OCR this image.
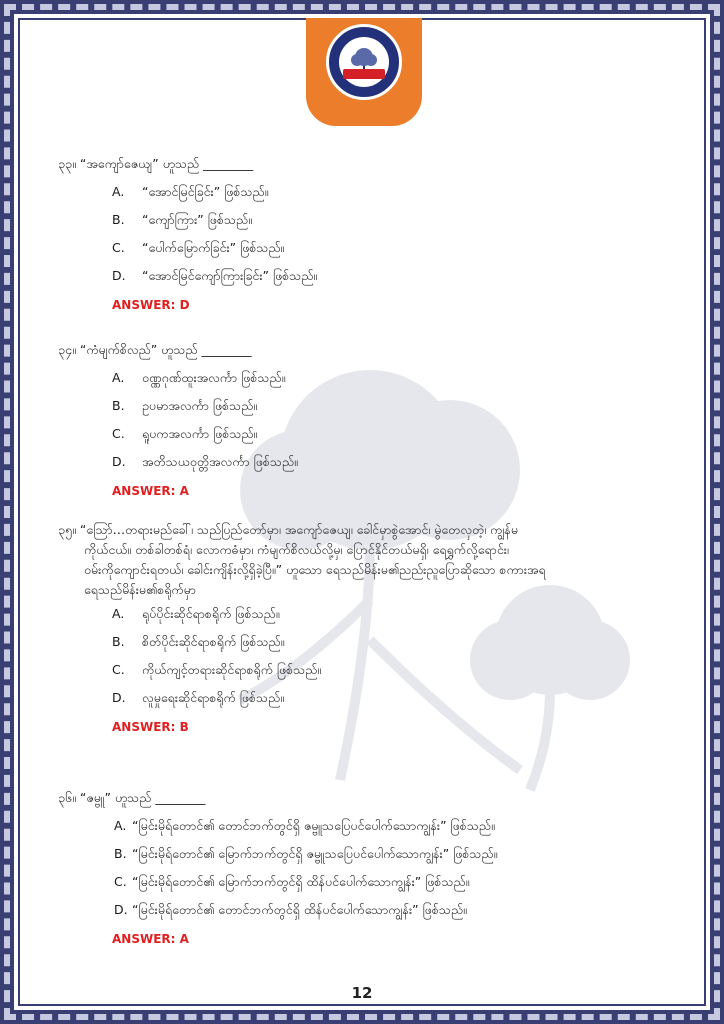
၃၃။ “အကျော်ဇေယျ” ဟူသည် ________
A.	“အောင်မြင်ခြင်း” ဖြစ်သည်။
B.	“ကျော်ကြား” ဖြစ်သည်။
C.	“ပေါက်မြောက်ခြင်း” ဖြစ်သည်။
D.	“အောင်မြင်ကျော်ကြားခြင်း” ဖြစ်သည်။
ANSWER: D
၃၄။ “ကံမျက်စိလည်” ဟူသည် ________
A.	ဝဏ္ဏဂုဏ်ထူးအလင်္ကာ ဖြစ်သည်။
B.	ဥပမာအလင်္ကာ ဖြစ်သည်။
C.	ရူပကအလင်္ကာ ဖြစ်သည်။
D.	အတိသယဝုတ္တိအလင်္ကာ ဖြစ်သည်။
ANSWER: A
၃၅။ “သြော်…တရားမည်ခေါ်၊ သည်ပြည်တော်မှာ၊ အကျော်ဇေယျ၊ ခေါင်မှာစွဲအောင်၊ မွဲတေလှတဲ့၊ ကျွန်မ
ကိုယ်ငယ်။ တစ်ခါတစ်ရံ၊ လောကဓံမှာ၊ ကံမျက်စိလယ်လို့မှ၊ ပြောင်နိုင်တယ်မရှိ၊ ရေရွှက်လို့ရောင်း၊
ဝမ်းကိုကျောင်းရတယ်၊ ခေါင်းကျိန်းလို့ရှိခဲ့ပြီ။” ဟူသော ရေသည်မိန်းမ၏ညည်းညူပြောဆိုသော စကားအရ
ရေသည်မိန်းမ၏စရိုက်မှာ
A.	ရုပ်ပိုင်းဆိုင်ရာစရိုက် ဖြစ်သည်။
B.	စိတ်ပိုင်းဆိုင်ရာစရိုက် ဖြစ်သည်။
C.	ကိုယ်ကျင့်တရားဆိုင်ရာစရိုက် ဖြစ်သည်။
D.	လူမှုရေးဆိုင်ရာစရိုက် ဖြစ်သည်။
ANSWER: B
၃၆။ “ဇမ္ဗူ” ဟူသည် ________
A. “မြင်းမိုရ်တောင်၏ တောင်ဘက်တွင်ရှိ ဇမ္ဗူသပြေပင်ပေါက်သောကျွန်း” ဖြစ်သည်။
B. “မြင်းမိုရ်တောင်၏ မြောက်ဘက်တွင်ရှိ ဇမ္ဗူသပြေပင်ပေါက်သောကျွန်း” ဖြစ်သည်။
C. “မြင်းမိုရ်တောင်၏ မြောက်ဘက်တွင်ရှိ ထိန်ပင်ပေါက်သောကျွန်း” ဖြစ်သည်။
D. “မြင်းမိုရ်တောင်၏ တောင်ဘက်တွင်ရှိ ထိန်ပင်ပေါက်သောကျွန်း” ဖြစ်သည်။
ANSWER: A
12
